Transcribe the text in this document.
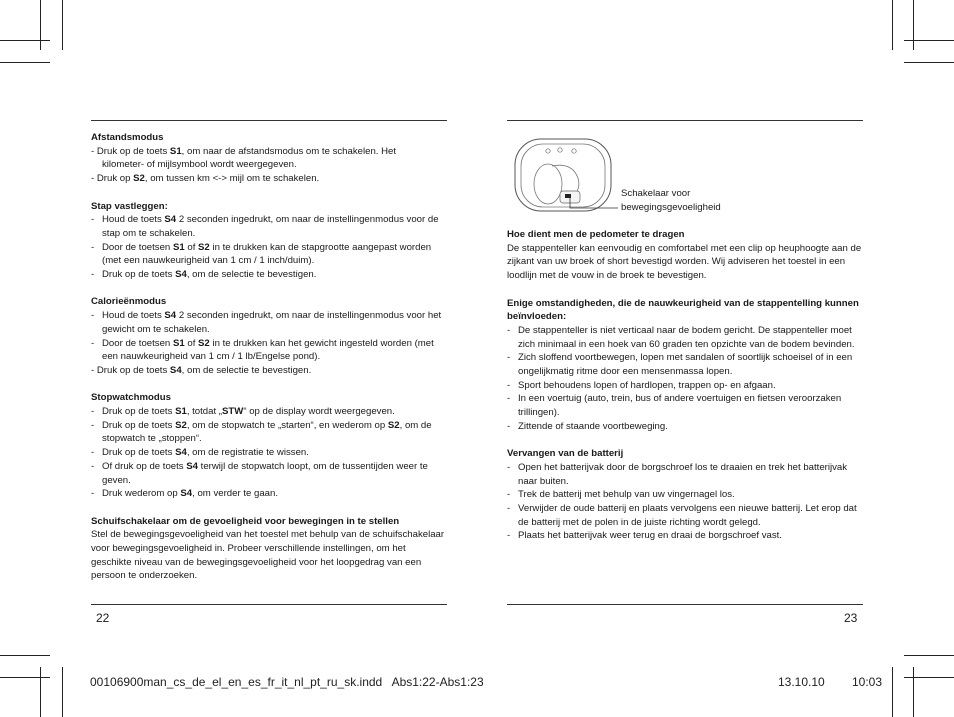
Afstandsmodus
- Druk op de toets S1, om naar de afstandsmodus om te schakelen. Het
kilometer- of mijlsymbool wordt weergegeven.
- Druk op S2, om tussen km <-> mijl om te schakelen.
Stap vastleggen:
- Houd de toets S4 2 seconden ingedrukt, om naar de instellingenmodus voor de stap om te schakelen.
- Door de toetsen S1 of S2 in te drukken kan de stapgrootte aangepast worden (met een nauwkeurigheid van 1 cm / 1 inch/duim).
- Druk op de toets S4, om de selectie te bevestigen.
Calorieënmodus
- Houd de toets S4 2 seconden ingedrukt, om naar de instellingenmodus voor het gewicht om te schakelen.
- Door de toetsen S1 of S2 in te drukken kan het gewicht ingesteld worden (met een nauwkeurigheid van 1 cm / 1 lb/Engelse pond).
- Druk op de toets S4, om de selectie te bevestigen.
Stopwatchmodus
- Druk op de toets S1, totdat „STW“ op de display wordt weergegeven.
- Druk op de toets S2, om de stopwatch te „starten“, en wederom op S2, om de stopwatch te „stoppen“.
- Druk op de toets S4, om de registratie te wissen.
- Of druk op de toets S4 terwijl de stopwatch loopt, om de tussentijden weer te geven.
- Druk wederom op S4, om verder te gaan.
Schuifschakelaar om de gevoeligheid voor bewegingen in te stellen
Stel de bewegingsgevoeligheid van het toestel met behulp van de schuifschakelaar voor bewegingsgevoeligheid in. Probeer verschillende instellingen, om het geschikte niveau van de bewegingsgevoeligheid voor het loopgedrag van een persoon te onderzoeken.
Schakelaar voor
bewegingsgevoeligheid
Hoe dient men de pedometer te dragen
De stappenteller kan eenvoudig en comfortabel met een clip op heuphoogte aan de zijkant van uw broek of short bevestigd worden. Wij adviseren het toestel in een loodlijn met de vouw in de broek te bevestigen.
Enige omstandigheden, die de nauwkeurigheid van de stappentelling kunnen beïnvloeden:
- De stappenteller is niet verticaal naar de bodem gericht. De stappenteller moet zich minimaal in een hoek van 60 graden ten opzichte van de bodem bevinden.
- Zich sloffend voortbewegen, lopen met sandalen of soortlijk schoeisel of in een ongelijkmatig ritme door een mensenmassa lopen.
- Sport behoudens lopen of hardlopen, trappen op- en afgaan.
- In een voertuig (auto, trein, bus of andere voertuigen en fietsen veroorzaken trillingen).
- Zittende of staande voortbeweging.
Vervangen van de batterij
- Open het batterijvak door de borgschroef los te draaien en trek het batterijvak naar buiten.
- Trek de batterij met behulp van uw vingernagel los.
- Verwijder de oude batterij en plaats vervolgens een nieuwe batterij. Let erop dat de batterij met de polen in de juiste richting wordt gelegd.
- Plaats het batterijvak weer terug en draai de borgschroef vast.
22	23
00106900man_cs_de_el_en_es_fr_it_nl_pt_ru_sk.indd   Abs1:22-Abs1:23	13.10.10 10:03
